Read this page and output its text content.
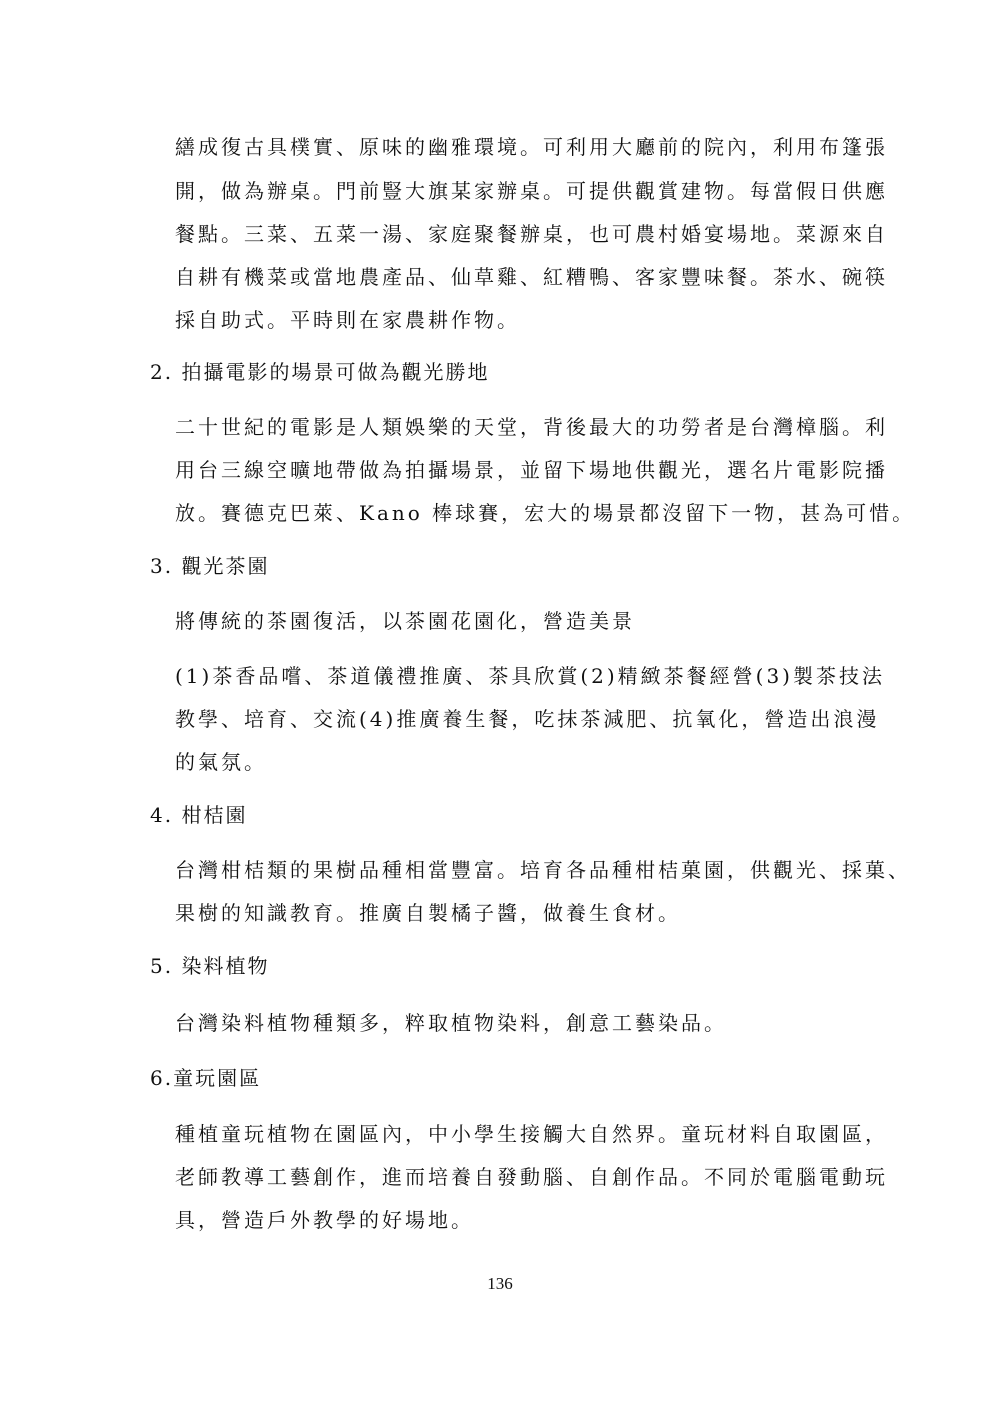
繕成復古具樸實、原味的幽雅環境。可利用大廳前的院內，利用布篷張
開，做為辦桌。門前豎大旗某家辦桌。可提供觀賞建物。每當假日供應
餐點。三菜、五菜一湯、家庭聚餐辦桌，也可農村婚宴場地。菜源來自
自耕有機菜或當地農產品、仙草雞、紅糟鴨、客家豐味餐。茶水、碗筷
採自助式。平時則在家農耕作物。
2. 拍攝電影的場景可做為觀光勝地
二十世紀的電影是人類娛樂的天堂，背後最大的功勞者是台灣樟腦。利
用台三線空曠地帶做為拍攝場景，並留下場地供觀光，選名片電影院播
放。賽德克巴萊、Kano 棒球賽，宏大的場景都沒留下一物，甚為可惜。
3. 觀光茶園
將傳統的茶園復活，以茶園花園化，營造美景
(1)茶香品嚐、茶道儀禮推廣、茶具欣賞(2)精緻茶餐經營(3)製茶技法
教學、培育、交流(4)推廣養生餐，吃抹茶減肥、抗氧化，營造出浪漫
的氣氛。
4. 柑桔園
台灣柑桔類的果樹品種相當豐富。培育各品種柑桔菓園，供觀光、採菓、
果樹的知識教育。推廣自製橘子醬，做養生食材。
5. 染料植物
台灣染料植物種類多，粹取植物染料，創意工藝染品。
6.童玩園區
種植童玩植物在園區內，中小學生接觸大自然界。童玩材料自取園區，
老師教導工藝創作，進而培養自發動腦、自創作品。不同於電腦電動玩
具，營造戶外教學的好場地。
136
